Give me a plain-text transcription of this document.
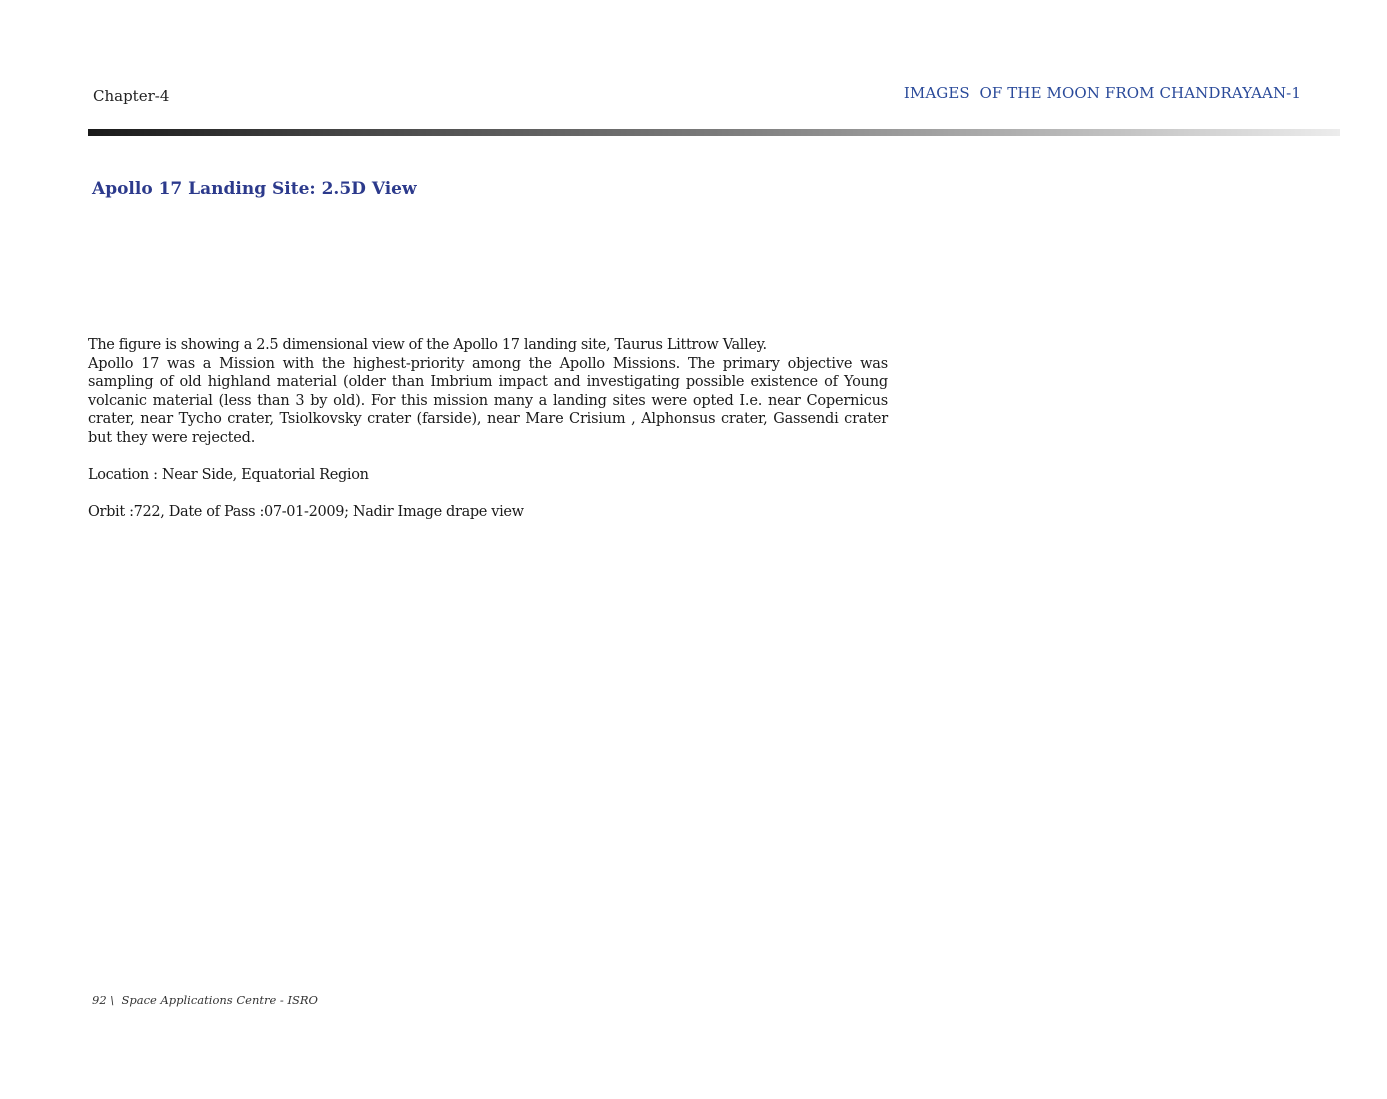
Chapter-4	IMAGES  OF THE MOON FROM CHANDRAYAAN-1
Apollo 17 Landing Site: 2.5D View

The figure is showing a 2.5 dimensional view of the Apollo 17 landing site, Taurus Littrow Valley.

Apollo 17 was a Mission with the highest-priority among the Apollo Missions. The primary objective was sampling of old highland material (older than Imbrium impact and investigating possible existence of Young volcanic material (less than 3 by old). For this mission many a landing sites were opted I.e. near Copernicus crater, near Tycho crater, Tsiolkovsky crater (farside), near Mare Crisium , Alphonsus crater, Gassendi crater but they were rejected.

Location : Near Side, Equatorial Region

Orbit :722, Date of Pass :07-01-2009; Nadir Image drape view

92 \  Space Applications Centre - ISRO
